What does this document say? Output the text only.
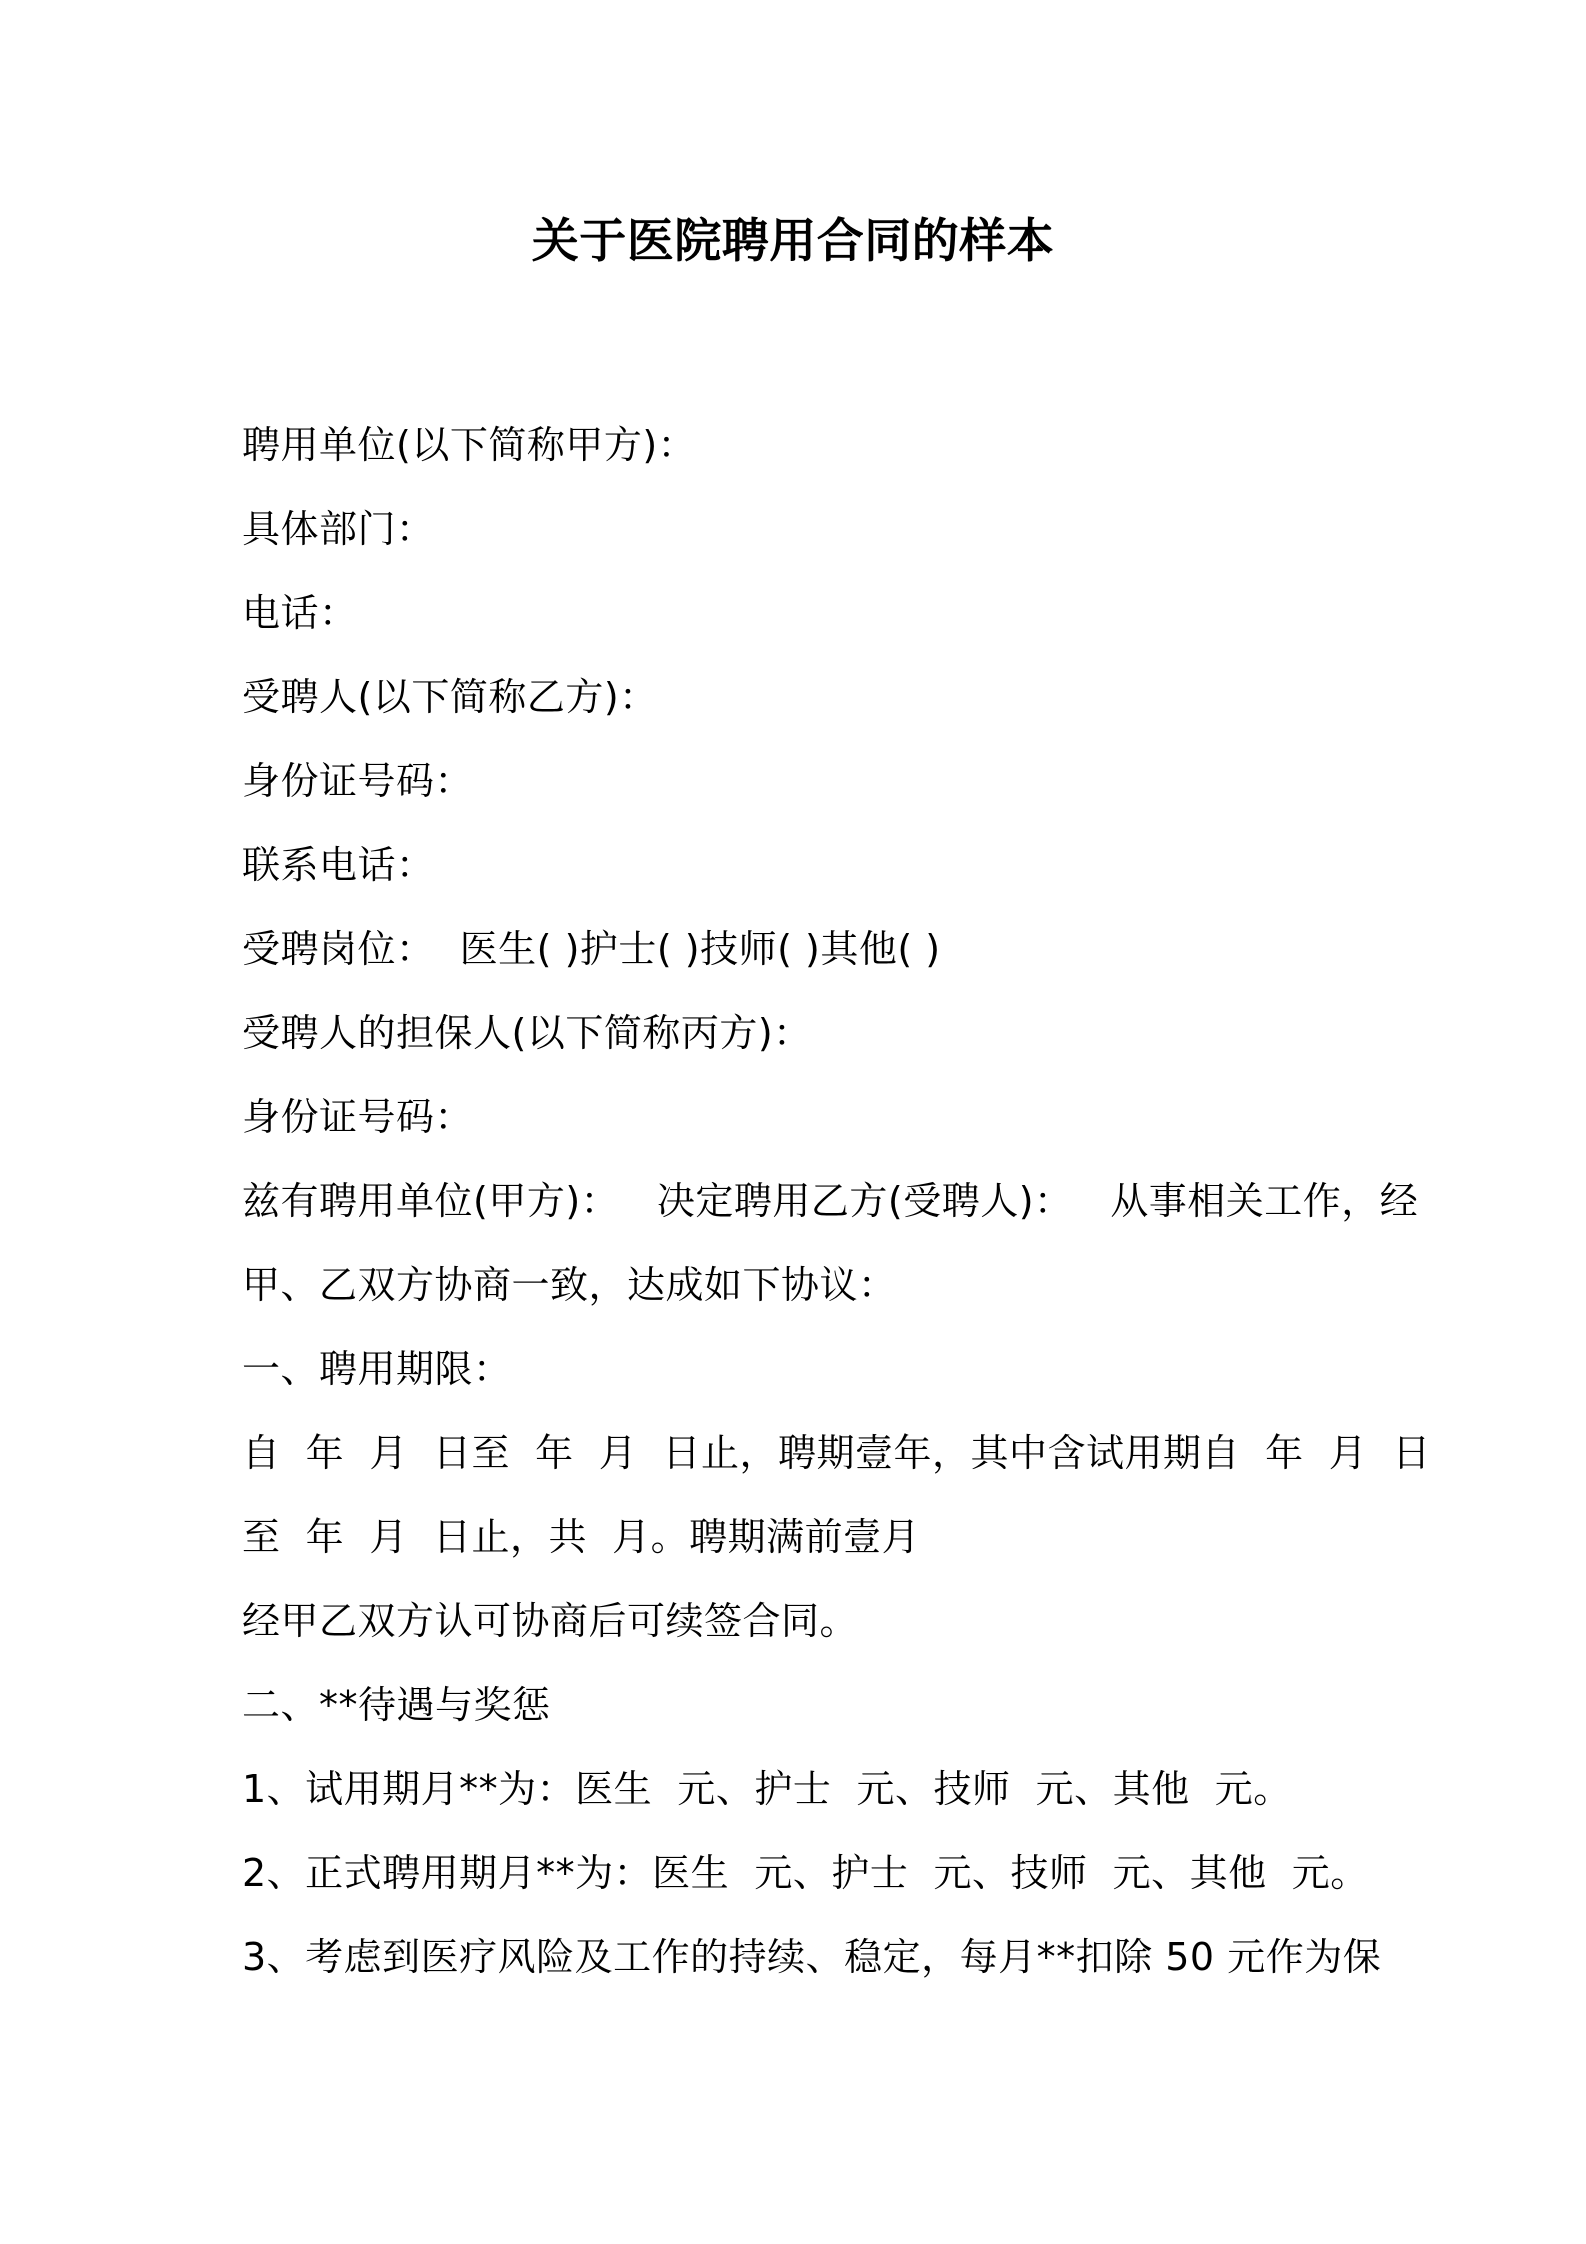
关于医院聘用合同的样本
聘用单位(以下简称甲方)：
具体部门：
电话：
受聘人(以下简称乙方)：
身份证号码：
联系电话：
受聘岗位：  医生( )护士( )技师( )其他( )
受聘人的担保人(以下简称丙方)：
身份证号码：
兹有聘用单位(甲方)：   决定聘用乙方(受聘人)：   从事相关工作，经
甲、乙双方协商一致，达成如下协议：
一、聘用期限：
自  年  月  日至  年  月  日止，聘期壹年，其中含试用期自  年  月  日
至  年  月  日止，共  月。聘期满前壹月
经甲乙双方认可协商后可续签合同。
二、**待遇与奖惩
1、试用期月**为：医生  元、护士  元、技师  元、其他  元。
2、正式聘用期月**为：医生  元、护士  元、技师  元、其他  元。
3、考虑到医疗风险及工作的持续、稳定，每月**扣除 50 元作为保
